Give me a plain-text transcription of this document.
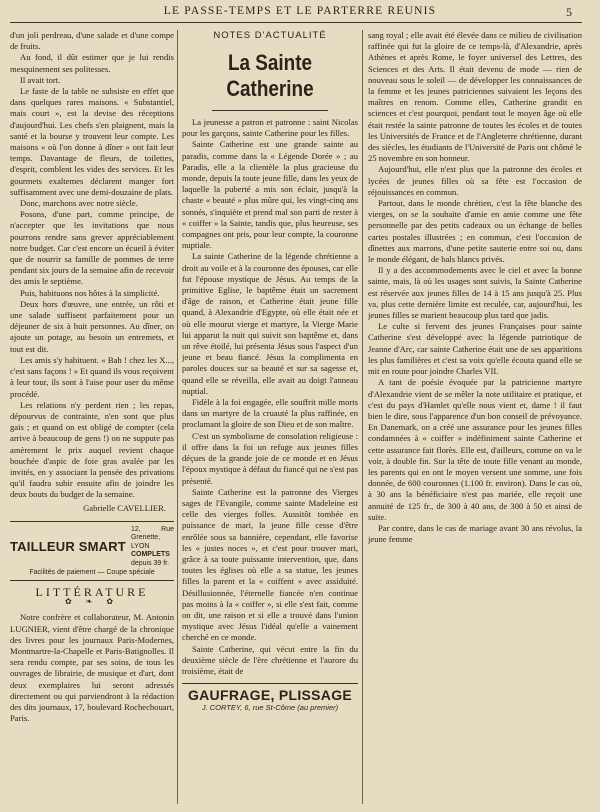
LE PASSE-TEMPS ET LE PARTERRE REUNIS	5

d'un joli perdreau, d'une salade et d'une compe de fruits.

Au fond, il dût estimer que je lui rendis mesquinement ses politesses.

Il avait tort.

Le faste de la table ne subsiste en effet que dans quelques rares maisons. « Substantiel, mais court », est la devise des réceptions d'aujourd'hui. Les chefs s'en plaignent, mais la santé et la bourse y trouvent leur compte. Les maisons « où l'on donne à dîner » ont fait leur temps. Davantage de fleurs, de toilettes, d'esprit, comblent les vides des services. Et les gourmets exaltemes déclarent manger fort suffisamment avec une demi-douzaine de plats.

Donc, marchons avec notre siècle.

Posons, d'une part, comme principe, de n'accepter que les invitations que nous pourrons rendre sans grever appréciablement notre budget. Car c'est encore un écueil à éviter que de nourrir sa famille de pommes de terre pendant six jours de la semaine afin de recevoir des amis le septième.

Puis, habituons nos hôtes à la simplicité.

Deux hors d'œuvre, une entrée, un rôti et une salade suffisent parfaitement pour un déjeuner de six à huit personnes. Au dîner, on ajoute un potage, au besoin un entremets, et tout est dit.

Les amis s'y habituent. « Bah ! chez les X..., c'est sans façons ! » Et quand ils vous reçoivent à leur tour, ils sont à l'aise pour user du même procédé.

Les relations n'y perdent rien ; les repas, dépourvus de contrainte, n'en sont que plus gais ; et quand on est obligé de compter (cela arrive à beaucoup de gens !) on ne suppute pas amèrement le prix auquel revient chaque bouchée d'aspic de foie gras avalée par les invités, en y associant la pensée des privations qu'il faudra subir ensuite afin de joindre les deux bouts du budget de la semaine.

Gabrielle CAVELLIER.

TAILLEUR SMART
12, Rue Grenette, LYON
COMPLETS depuis 39 fr.
Facilités de paiement — Coupe spéciale
LITTÉRATURE
✿ ❧ ✿

Notre confrère et collaborateur, M. Antonin LUGNIER, vient d'être chargé de la chronique des livres pour les journaux Paris-Modernes, Montmartre-la-Chapelle et Paris-Batignolles. Il sera rendu compte, par ses soins, de tous les ouvrages de librairie, de musique et d'art, dont deux exemplaires lui seront adressés directement ou qui parviendront à la rédaction des dits journaux, 17, boulevard Rochechouart, Paris.

NOTES D'ACTUALITÉ
La Sainte Catherine

La jeunesse a patron et patronne : saint Nicolas pour les garçons, sainte Catherine pour les filles.

Sainte Catherine est une grande sainte au paradis, comme dans la « Légende Dorée » ; au Paradis, elle a la clientèle la plus gracieuse du monde, depuis la toute jeune fille, dans les yeux de laquelle la puberté a mis son éclair, jusqu'à la chaste « beauté » plus mûre qui, les vingt-cinq ans sonnés, s'inquiète et prend mal son parti de rester à « coiffer » la Sainte, tandis que, plus heureuse, ses compagnes ont pris, pour leur compte, la couronne nuptiale.

La sainte Catherine de la légende chrétienne a droit au voile et à la couronne des épouses, car elle fut l'épouse mystique de Jésus. Au temps de la primitive Eglise, le baptême était un sacrement d'âge de raison, et Catherine était jeune fille quand, à Alexandrie d'Egypte, où elle était née et où elle mourut vierge et martyre, la Vierge Marie lui apparut la nuit qui suivit son baptême et, dans un rêve étoilé, lui présenta Jésus sous l'aspect d'un jeune et beau fiancé. Jésus la complimenta en paroles douces sur sa beauté et sur sa sagesse et, quand elle se réveilla, elle avait au doigt l'anneau nuptial.

Fidèle à la foi engagée, elle souffrit mille morts dans un martyre de la cruauté la plus raffinée, en proclamant la gloire de son Dieu et de son maître.

C'est un symbolisme de consolation religieuse : il offre dans la foi un refuge aux jeunes filles déçues de la grande joie de ce monde et en Jésus l'époux mystique à défaut du fiancé qui ne s'est pas présenté.

Sainte Catherine est la patronne des Vierges sages de l'Evangile, comme sainte Madeleine est celle des vierges folles. Aussitôt tombée en puissance de mari, la jeune fille cesse d'être enrôlée sous sa bannière, cependant, elle favorise les « justes noces », et c'est pour trouver mari, grâce à sa toute puissante intervention, que, dans toutes les églises où elle a sa statue, les jeunes filles la parent et la « coiffent » avec assiduité. Désillusionnée, l'éternelle fiancée n'en continue pas moins à la « coiffer », si elle s'est fait, comme on dit, une raison et si elle a trouvé dans l'union mystique avec Jésus l'idéal qu'elle a vainement cherché en ce monde.

Sainte Catherine, qui vécut entre la fin du deuxième siècle de l'ère chrétienne et l'aurore du troisième, était de

GAUFRAGE, PLISSAGE
J. CORTEY, 6, rue St-Côme (au premier)

sang royal ; elle avait été élevée dans ce milieu de civilisation raffinée qui fut la gloire de ce temps-là, d'Alexandrie, après Athènes et après Rome, le foyer universel des Lettres, des Sciences et des Arts. Il était devenu de mode — rien de nouveau sous le soleil — de développer les connaissances de la femme et les jeunes patriciennes suivaient les leçons des maîtres en renom. Comme elles, Catherine grandit en sciences et c'est pourquoi, pendant tout le moyen âge où elle était restée la sainte patronne de toutes les écoles et de toutes les Universités de France et de l'Angleterre chrétienne, durant des siècles, les étudiants de l'Université de Paris ont chômé le 25 novembre en son honneur.

Aujourd'hui, elle n'est plus que la patronne des écoles et lycées de jeunes filles où sa fête est l'occasion de réjouissances en commun.

Partout, dans le monde chrétien, c'est la fête blanche des vierges, on se la souhaite d'amie en amie comme une fête personnelle par des petits cadeaux ou un échange de belles cartes postales illustrées ; en commun, c'est l'occasion de dînettes aux marrons, d'une petite sauterie entre soi ou, dans le monde élégant, de bals blancs privés.

Il y a des accommodements avec le ciel et avec la bonne sainte, mais, là où les usages sont suivis, la Sainte Catherine est réservée aux jeunes filles de 14 à 15 ans jusqu'à 25. Plus va, plus cette dernière limite est reculée, car, aujourd'hui, les jeunes filles se marient beaucoup plus tard que jadis.

Le culte si fervent des jeunes Françaises pour sainte Catherine s'est développé avec la légende patriotique de Jeanne d'Arc, car sainte Catherine était une de ses apparitions les plus familières et c'est sa voix qu'elle écouta quand elle se mit en route pour joindre Charles VII.

A tant de poésie évoquée par la patricienne martyre d'Alexandrie vient de se mêler la note utilitaire et pratique, et c'est du pays d'Hamlet qu'elle nous vient et, dame ! il faut bien le dire, sous l'apparence d'un bon conseil de prévoyance. En Danemark, on a créé une assurance pour les jeunes filles condamnées à « coiffer » indéfiniment sainte Catherine et cette assurance fait florès. Elle est, d'ailleurs, comme on va le voir, à double fin. Sur la tête de toute fille venant au monde, les parents qui en ont le moyen versent une somme, une fois donnée, de 600 couronnes (1.100 fr. environ). Dans le cas où, à 30 ans la bénéficiaire n'est pas mariée, elle reçoit une annuité de 125 fr., de 300 à 40 ans, de 300 à 50 et ainsi de suite.

Par contre, dans le cas de mariage avant 30 ans révolus, la jeune femme
